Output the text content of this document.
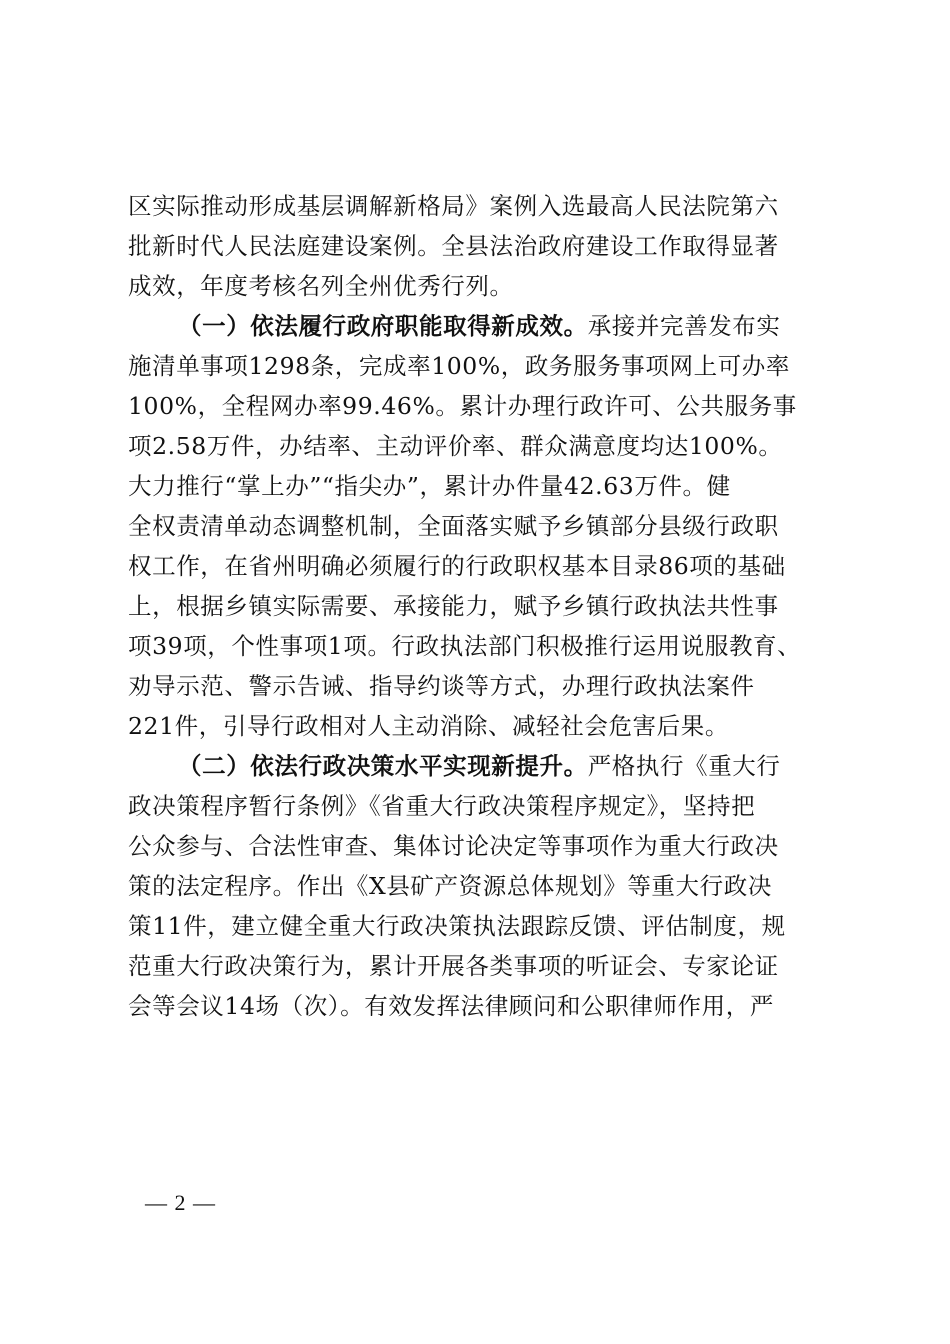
区实际推动形成基层调解新格局》案例入选最高人民法院第六
批新时代人民法庭建设案例。全县法治政府建设工作取得显著
成效，年度考核名列全州优秀行列。
（一）依法履行政府职能取得新成效。承接并完善发布实
施清单事项1298条，完成率100%，政务服务事项网上可办率
100%，全程网办率99.46%。累计办理行政许可、公共服务事
项2.58万件，办结率、主动评价率、群众满意度均达100%。
大力推行“掌上办”“指尖办”，累计办件量42.63万件。健
全权责清单动态调整机制，全面落实赋予乡镇部分县级行政职
权工作，在省州明确必须履行的行政职权基本目录86项的基础
上，根据乡镇实际需要、承接能力，赋予乡镇行政执法共性事
项39项，个性事项1项。行政执法部门积极推行运用说服教育、
劝导示范、警示告诫、指导约谈等方式，办理行政执法案件
221件，引导行政相对人主动消除、减轻社会危害后果。
（二）依法行政决策水平实现新提升。严格执行《重大行
政决策程序暂行条例》《省重大行政决策程序规定》，坚持把
公众参与、合法性审查、集体讨论决定等事项作为重大行政决
策的法定程序。作出《X县矿产资源总体规划》等重大行政决
策11件，建立健全重大行政决策执法跟踪反馈、评估制度，规
范重大行政决策行为，累计开展各类事项的听证会、专家论证
会等会议14场（次）。有效发挥法律顾问和公职律师作用，严
— 2 —
